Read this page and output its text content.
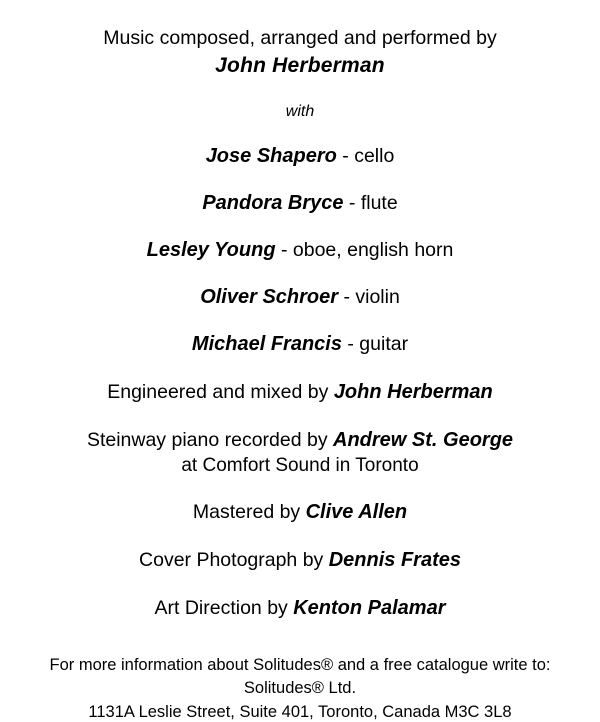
Music composed, arranged and performed by
John Herberman
with
Jose Shapero - cello
Pandora Bryce - flute
Lesley Young - oboe, english horn
Oliver Schroer - violin
Michael Francis - guitar
Engineered and mixed by John Herberman
Steinway piano recorded by Andrew St. George
at Comfort Sound in Toronto
Mastered by Clive Allen
Cover Photograph by Dennis Frates
Art Direction by Kenton Palamar
For more information about Solitudes® and a free catalogue write to:
Solitudes® Ltd.
1131A Leslie Street, Suite 401, Toronto, Canada M3C 3L8
